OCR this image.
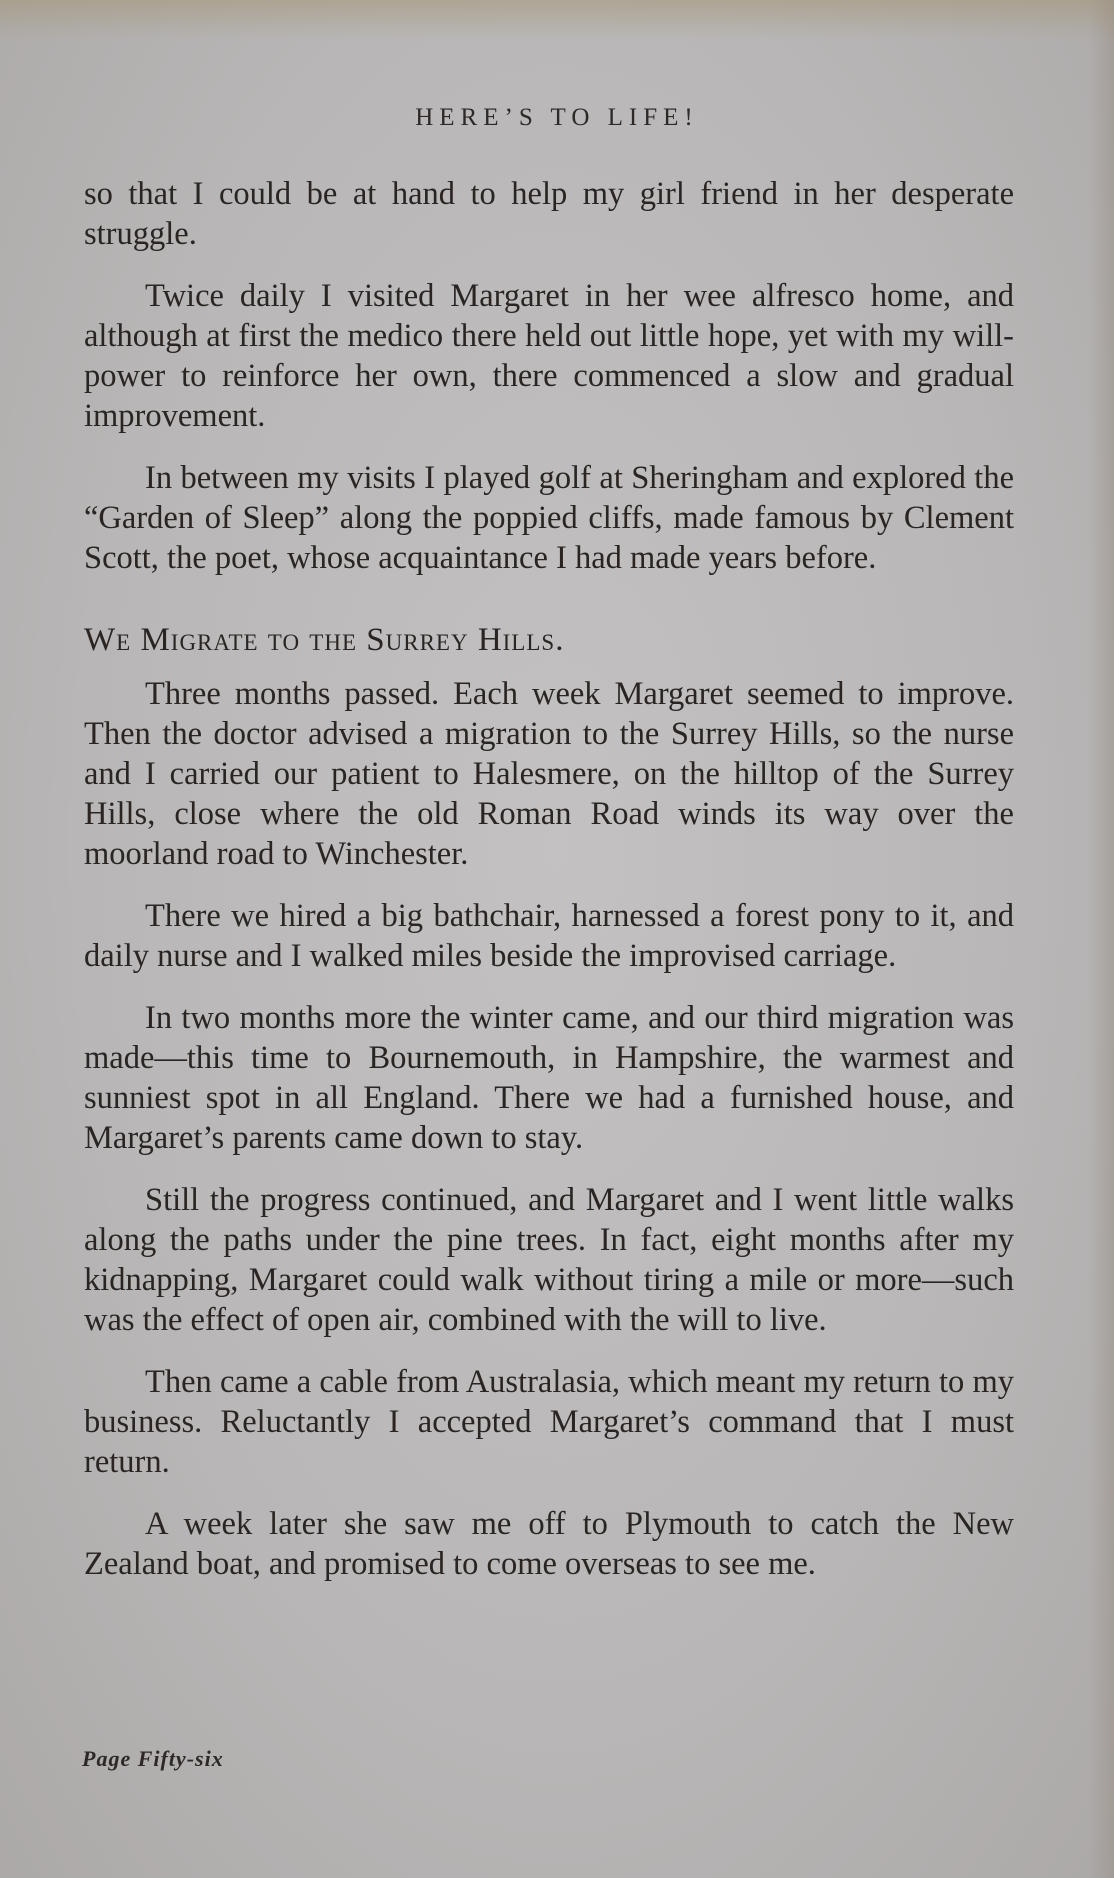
HERE’S TO LIFE!

so that I could be at hand to help my girl friend in her desperate struggle.

Twice daily I visited Margaret in her wee alfresco home, and although at first the medico there held out little hope, yet with my will-power to reinforce her own, there commenced a slow and gradual improvement.

In between my visits I played golf at Sheringham and explored the “Garden of Sleep” along the poppied cliffs, made famous by Clement Scott, the poet, whose acquaintance I had made years before.

We Migrate to the Surrey Hills.

Three months passed. Each week Margaret seemed to improve. Then the doctor advised a migration to the Surrey Hills, so the nurse and I carried our patient to Halesmere, on the hilltop of the Surrey Hills, close where the old Roman Road winds its way over the moorland road to Winchester.

There we hired a big bathchair, harnessed a forest pony to it, and daily nurse and I walked miles beside the improvised carriage.

In two months more the winter came, and our third migration was made—this time to Bournemouth, in Hampshire, the warmest and sunniest spot in all England. There we had a furnished house, and Margaret’s parents came down to stay.

Still the progress continued, and Margaret and I went little walks along the paths under the pine trees. In fact, eight months after my kidnapping, Margaret could walk without tiring a mile or more—such was the effect of open air, combined with the will to live.

Then came a cable from Australasia, which meant my return to my business. Reluctantly I accepted Margaret’s command that I must return.

A week later she saw me off to Plymouth to catch the New Zealand boat, and promised to come overseas to see me.

Page Fifty-six
